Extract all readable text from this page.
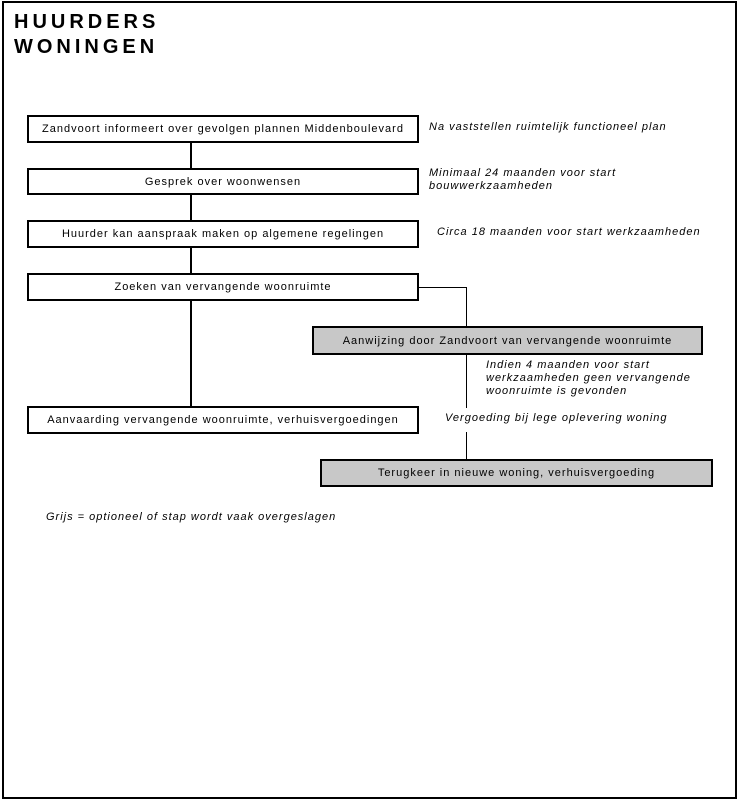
HUURDERS
WONINGEN
Zandvoort informeert over gevolgen plannen Middenboulevard
Gesprek over woonwensen
Huurder kan aanspraak maken op algemene regelingen
Zoeken van vervangende woonruimte
Aanwijzing door Zandvoort van vervangende woonruimte
Aanvaarding vervangende woonruimte, verhuisvergoedingen
Terugkeer in nieuwe woning, verhuisvergoeding
Na vaststellen ruimtelijk functioneel plan
Minimaal 24 maanden voor start
bouwwerkzaamheden
Circa 18 maanden voor start werkzaamheden
Indien 4 maanden voor start
werkzaamheden geen vervangende
woonruimte is gevonden
Vergoeding bij lege oplevering woning
Grijs = optioneel of stap wordt vaak overgeslagen
